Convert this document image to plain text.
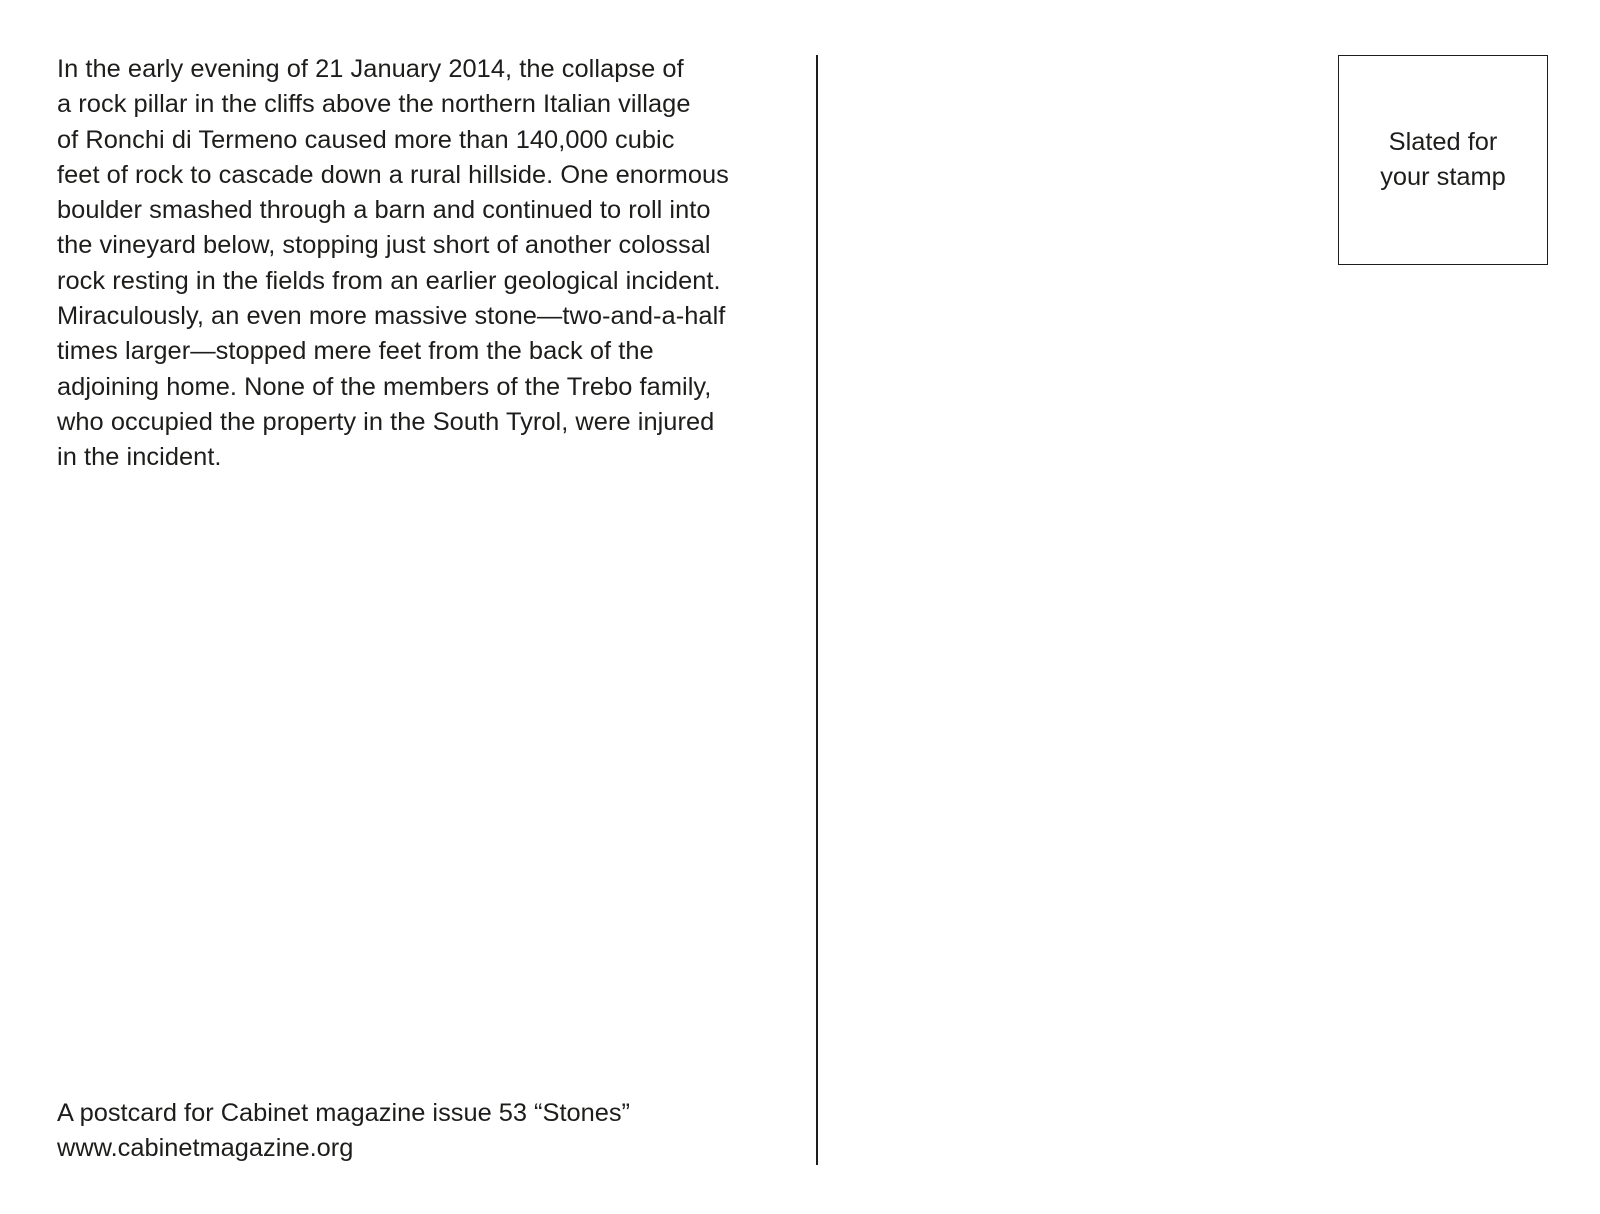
In the early evening of 21 January 2014, the collapse of
a rock pillar in the cliffs above the northern Italian village
of Ronchi di Termeno caused more than 140,000 cubic
feet of rock to cascade down a rural hillside. One enormous
boulder smashed through a barn and continued to roll into
the vineyard below, stopping just short of another colossal
rock resting in the fields from an earlier geological incident.
Miraculously, an even more massive stone—two-and-a-half
times larger—stopped mere feet from the back of the
adjoining home. None of the members of the Trebo family,
who occupied the property in the South Tyrol, were injured
in the incident.

Slated for
your stamp
A postcard for Cabinet magazine issue 53 “Stones”
www.cabinetmagazine.org
